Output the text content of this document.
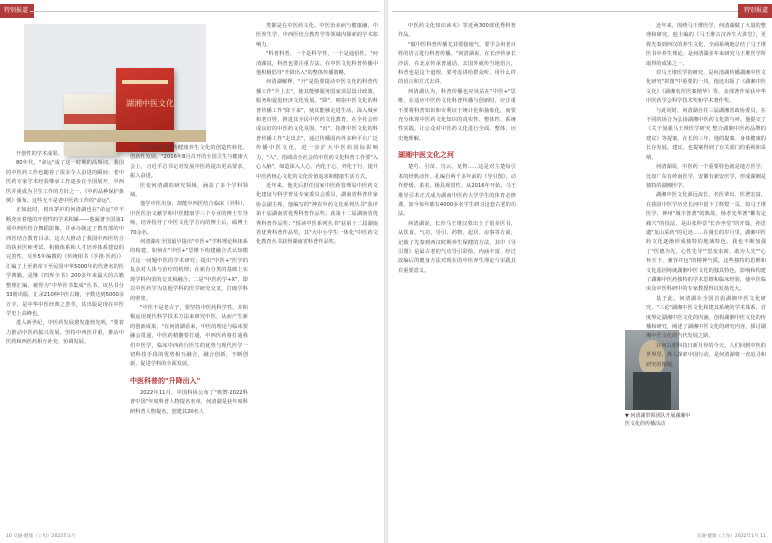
特别报道
湖湘中医文化

开创性的学术成果。

80年代，"命运"成了这一时期的高频词。我国的中医药工作也随着了很多令人奋进的瞬间：老中医药专家学术经验继承工作逐步在全国展开，中西医并重成为卫生工作的方针之一，《中药品种保护条例》颁布。这些无不是老中医药工作的"命运"。

正如此时，初出茅庐的何清湖也在"命运"中不断充实着他的开创性的学术积累——他凝著全国第1项中西医结合舞蹈影像，并承办制定了教育部的中西医结合教育目录。这大大推动了我国中西医结合的执业医师考试、积极体系和人才培养体系建设的完善性，另外5年编撰的《传统相书（手推·医药）》汇编了上至黄帝下至民国中华5000年的代著名的医学典籍，是继《四库全书》200多年来最大的古籍整理汇编，被誉为"中华医书集成"丛书，该丛书分33册出版，汇录210种中医古籍，字数达到5000余万字，是中华中医经典之荟萃，其出版是现在中医学史上高峰也。

进入新世纪，中医药发展愈发蓬勃光明，"要着力推动中医药振兴发展，坚持中西医并重，推动中医药和西医药相互补充、协调发展。

努力实现中医药健康养生文化的创造性转化、创新性发展。"2016年8月召开的全国卫生与健康大会上，习近平总书记对发展中医药提出更高要求，振人奋进。

医变何清湖的研究领域，涵盖了多个学科领域。

他学中医出身，却能中西医结合临床（外科），中医医治文献学和中医健康学三个专业的博士生导师，培养指导了中医文化学方向的博士后，硕博士70余名。

何清湖在全国最早提出"中医+"学科理论和体系的构建，如何在"中医+"思维下构建融合式认知模式这一问题中医的学术研究；提出"中医+"医学的复杂对人体与治疗的机理；在新有分类的基础上实现学科内渠的交叉和融合；二是"中医药学+X"，即以中医药学为其他学科的医学研究交叉，打破学科的壁垒。

"中医不是老古子，要坚持中医药科学性。并积极运用现代科学技术方法来研究中医，从而产生新的创新成果。"在何清湖看来，中医的理论与临床要融会贯通，中医药精髓要打通，中西医药将打通我们中医学，临床中西药行医生的优势与现代医学一切科技手段的优势相互融合，融合创新，不断创新，促进学科的全面发展。

中医科普的"升降出入"

2022年11月，中国科协公布了"典赞·2022科普中国"年度科普人物提名名单，何清湖是获年度科研科普人物提名。创建其20名人

类都是在中医药文化、中医治未病与健康融、中医养生学、中西医结合教育学等领域内探索的学术影响力。

"科普科普，一个是科学性，一个是通俗性。"何清湖说，科普也要注重方法。在中医文化科普传播中他积极倡导"升降出入"的整体传播策略。

何清湖解释，"升"是指要提动中医文化的科普传播工作"升上去"，使其能够服务国家顶层设计政策，服务和促进经济文化发展。"降"，则指中医文化的科普传播工作"降下来"，使其能够走进生活，深入城乡和老百姓，推进其全民中医药文化教育，在全社会形成良好的中医药文化氛围。"出"，指推中医文化的科普传播工作"走出去"，通过传播国内外多种平台广泛传播中医文化，进一步扩大中医药国际影响力。"入"，指调动全社会的中医药文化科普工作要"入心入脑"，缔造深入人心、内化于心，外化于行，提升中医药核心文化的文化价值追求和健康生活方式。

近年来，他先后担任国家中医药管理局中医药文化建设与科学普及专家委员会委员，湖南省科普作家协会副主席，他编写的"神农中药文化系列丛书"获评第十届湖南省优秀科普作品奖；获第十二届湖南省优秀科普作品奖；"悦读中医系列丛书"获第十二届湖南省优秀科普作品奖，其"大中小学生一体化"中医药文化教育丛书获得湖南省科普作品奖。

10 交通·健康（上旬）2022年1月
特别报道

中医药文化知识读本》等近两300部优秀科普作品。

"做中医科普传播尤其要接地气，要学会用老百姓的语言进行科普传播。"何清湖说，在长沙传承长沙话，在北京传承普通话，去国外就传当地语言，科普也是这个道理，要考虑讲给群众听，用什么样的语言和方式去讲。

何清湖认为，科普传播也应该站在"中医+"思维，在适应中医药文化科普传播与创新时，应注重不要将科普知识和专利证于统计化和抽象化，而要充分体现中医药文化知识的真实性、整体性、系统性实践，让公众对中医药文化进行全面、整体、历史地理解。

湖湘中医文化之河

楚芍、引苗、鸟云、龙脊……这是对主楚每引术的经典动作。孔编自两千多年前的《导引图》。动作舒缓、柔美，极具观赏性。从2016年开始，马王堆导引术正式成为湖南中医药大学学生的体育必修课，如今每年都有4000多名学生研习这套古老的功法。

何清湖说，长沙马王堆汉墓出土了很多医书，从饮食、气功、导引、药物、起居、房事等方面，记载了先秦到西汉时期养生保健的方法，其中《导引图》是最古老的气功导引彩绘，内涵丰富，经过改编后的健身方法对现在的中医养生理论与实践具有重要意义。

▼ 何清湖带领团队开展湖湘中医文化的传播活动

近年来，围绕马王堆医学，何清湖做了大量的整理和研究。他主编的《马王堆古汉养生大讲堂》，更将先秦到西汉的养生文化，全面系统地总结了马王堆医书中养生理论。是何清湖多年来研究马王堆医学所取得的成果之一。

对马王堆医学的研究，是何清湖传播湖湘中医文化研究"拼图"中重要的一块。他还出版了《湖湘中医文化》《湖湘名医医案精华》等，多部著作荣获中华中医药学会科学技术奖和学术著作奖。

与此同时，何清湖自任三届湖湘省政协委员，在不同的场合为弘扬湖湘中医药文化鼓与呼。他提交了《关于加强马王堆医学研究 整合湖湘中医药品牌的建议》等提案。在长的三年，他的提案、身体健康的长存发展，建议，也提案得到了有关部门的重视和采纳。

何清湖说，中医药一个重要特色就是地方医学，比如广东有岭南医学，安徽有新安医学，形成湖湘是独特的湖湘医学。

湖湘中医文化源远流长，名医辈出，医著宏富，在我国中医学历史长河中留下了辉煌一页。如马王堆医学，神州"城丰善著"的典故，杨孝先华著"郴有定痛穴"的技法，是由张仲景"长沙坐堂"的开篇，孙思邈"龙山采药"的足迹……在漫长的岁月里，湖湘中医药文化逐渐形成独特的地域特色。我也不断加强了"医德为先，心性先导""思变求新、敢为人先""心怀天下、兼容并包"的精神气质，这些独特的思维和文化基因铸就湖湘中医文化的独具特色，影响和构建了湖湘中医药独特的学术思维和临床经验，使中医临床及中医科研中的专家教授得以发扬光大。

基于此，何清湖在全国首倡湖湘中医文化研究，"三论"湖湘中医文化和建其系统的学术体系，首度界定湖湘中医文化的内涵，创构湖湘中医文化的传播和研究，阐述了湖湘中医文化的研究内容，探讨湖湘中医文化的当代发展之路。

在何以想科技日新月异的今天，人们回到中医的世界里，离人探索中国行动，是何清湖将一直追寻和研究的课题。

交通·健康（上旬）2022年1月 11
